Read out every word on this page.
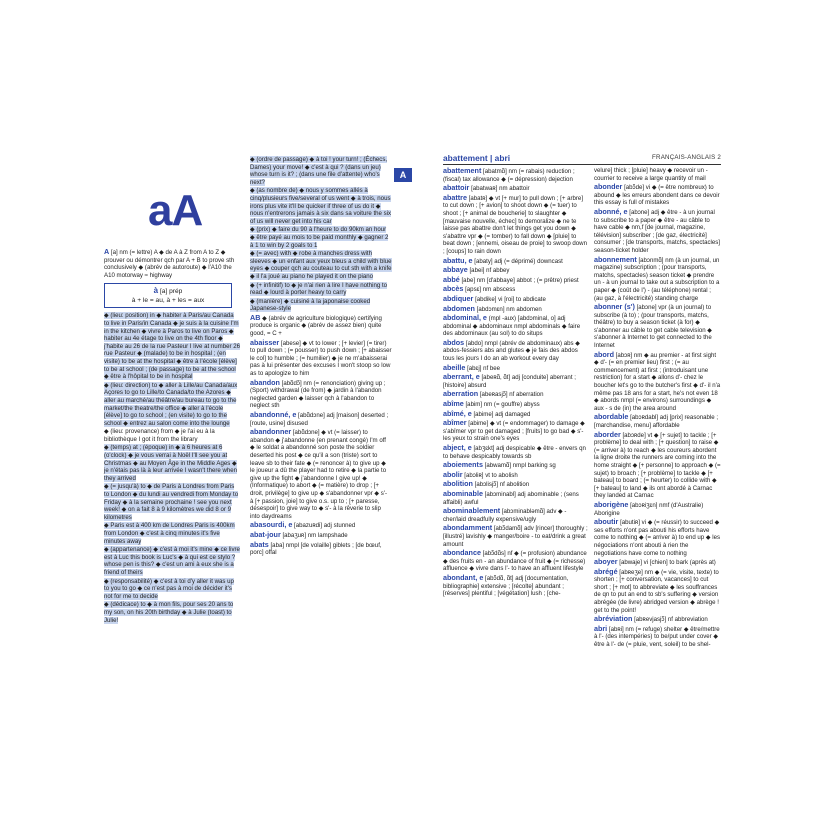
aA
A [a] nm (= lettre) A ◆ de A à Z from A to Z ◆ prouver ou démontrer qch par A + B to prove sth conclusively ◆ (abrév de autoroute) ◆ l'A10 the A10 motorway ≈ highway
à [a] prép
à + le = au, à + les = aux
◆ (lieu: position) in ◆ habiter à Paris/au Canada to live in Paris/in Canada ◆ je suis à la cuisine I'm in the kitchen ◆ vivre à Paros to live on Paros ◆ habiter au 4e étage to live on the 4th floor ◆ j'habite au 26 de la rue Pasteur I live at number 26 rue Pasteur ◆ (malade) to be in hospital ; (en visite) to be at the hospital ◆ être à l'école [élève] to be at school ; (de passage) to be at the school ◆ être à l'hôpital to be in hospital
◆ (lieu: direction) to ◆ aller à Lille/au Canada/aux Açores to go to Lille/to Canada/to the Azores ◆ aller au marché/au théâtre/au bureau to go to the market/the theatre/the office ◆ aller à l'école [élève] to go to school ; (en visite) to go to the school ◆ entrez au salon come into the lounge
◆ (lieu: provenance) from ◆ je l'ai eu à la bibliothèque I got it from the library
◆ (temps) at ; (époque) in ◆ à 6 heures at 6 (o'clock) ◆ je vous verrai à Noël I'll see you at Christmas ◆ au Moyen Âge in the Middle Ages ◆ je n'étais pas là à leur arrivée I wasn't there when they arrived
◆ (= jusqu'à) to ◆ de Paris à Londres from Paris to London ◆ du lundi au vendredi from Monday to Friday ◆ à la semaine prochaine ! see you next week! ◆ on a fait 8 à 9 kilomètres we did 8 or 9 kilometres
◆ Paris est à 400 km de Londres Paris is 400km from London ◆ c'est à cinq minutes it's five minutes away
◆ (appartenance) ◆ c'est à moi it's mine ◆ ce livre est à Luc this book is Luc's ◆ à qui est ce stylo ? whose pen is this? ◆ c'est un ami à eux she is a friend of theirs
◆ (responsabilité) ◆ c'est à toi d'y aller it was up to you to go ◆ ce n'est pas à moi de décider it's not for me to decide
◆ (dédicace) to ◆ à mon fils, pour ses 20 ans to my son, on his 20th birthday ◆ à Julie (toast) to Julie!
◆ (ordre de passage) ◆ à toi ! your turn! ; (Échecs, Dames) your move! ◆ c'est à qui ? (dans un jeu) whose turn is it? ; (dans une file d'attente) who's next?
◆ (as nombre de) ◆ nous y sommes allés à cinq/plusieurs five/several of us went ◆ à trois, nous irons plus vite it'll be quicker if three of us do it ◆ nous n'entrerons jamais à six dans sa voiture the six of us will never get into his car
◆ (prix) ◆ faire du 90 à l'heure to do 90km an hour ◆ être payé au mois to be paid monthly ◆ gagner 2 à 1 to win by 2 goals to 1
◆ (= avec) with ◆ robe à manches dress with sleeves ◆ un enfant aux yeux bleus a child with blue eyes ◆ couper qch au couteau to cut sth with a knife ◆ il l'a joué au piano he played it on the piano
◆ (+ infinitif) to ◆ je n'ai rien à lire I have nothing to read ◆ lourd à porter heavy to carry
◆ (manière) ◆ cuisiné à la japonaise cooked Japanese-style
AB ◆ (abrév de agriculture biologique) certifying produce is organic ◆ (abrév de assez bien) quite good, = C +
abaisser [abese] ◆ vt to lower ; [+ levier] (= tirer) to pull down ; (= pousser) to push down ; [+ abaisser le col] to humble ; (= humilier) ◆ je ne m'abaisserai pas à lui présenter des excuses I won't stoop so low as to apologize to him
abandon [abɑ̃dɔ̃] nm (= renonciation) giving up ; (Sport) withdrawal (de from) ◆ jardin à l'abandon neglected garden ◆ laisser qch à l'abandon to neglect sth
abandonné, e [abɑ̃dɔne] adj [maison] deserted ; [route, usine] disused
abandonner [abɑ̃dɔne] ◆ vt (= laisser) to abandon ◆ j'abandonne (en prenant congé) I'm off ◆ le soldat a abandonné son poste the soldier deserted his post ◆ ce qu'il a son (triste) sort to leave sb to their fate ◆ (= renoncer à) to give up ◆ le joueur a dû the player had to retire ◆ la partie to give up the fight ◆ j'abandonne I give up! ◆ (Informatique) to abort ◆ (= matière) to drop ; [+ droit, privilège] to give up ◆ s'abandonner vpr ◆ s'- à [+ passion, joie] to give o.s. up to ; [+ paresse, désespoir] to give way to ◆ s'- à la rêverie to slip into daydreams
abasourdi, e [abazuʀdi] adj stunned
abat-jour [abaʒuʀ] nm lampshade
abats [aba] nmpl [de volaille] giblets ; [de bœuf, porc] offal
A
abattement | abri	FRANÇAIS-ANGLAIS 2
abattement [abatmɑ̃] nm (= rabais) reduction ; (fiscal) tax allowance ◆ (= dépression) dejection
abattoir [abatwaʀ] nm abattoir
abattre [abatʀ] ◆ vt [+ mur] to pull down ; [+ arbre] to cut down ; [+ avion] to shoot down ◆ (= tuer) to shoot ; [+ animal de boucherie] to slaughter ◆ [mauvaise nouvelle, échec] to demoralize ◆ ne te laisse pas abattre don't let things get you down ◆ s'abattre vpr ◆ (= tomber) to fall down ◆ [pluie] to beat down ; [ennemi, oiseau de proie] to swoop down ; [coups] to rain down
abattu, e [abaty] adj (= déprimé) downcast
abbaye [abei] nf abbey
abbé [abe] nm [d'abbaye] abbot ; (= prêtre) priest
abcès [apsɛ] nm abscess
abdiquer [abdike] vi [roi] to abdicate
abdomen [abdɔmɛn] nm abdomen
abdominal, e (mpl -aux) [abdɔminal, o] adj abdominal ◆ abdominaux nmpl abdominals ◆ faire des abdominaux (au sol) to do situps
abdos [abdo] nmpl (abrév de abdominaux) abs ◆ abdos-fessiers abs and glutes ◆ je fais des abdos tous les jours I do an ab workout every day
abeille [abɛj] nf bee
aberrant, e [abeʀɑ̃, ɑ̃t] adj [conduite] aberrant ; [histoire] absurd
aberration [abeʀasjɔ̃] nf aberration
abîme [abim] nm (= gouffre) abyss
abîmé, e [abime] adj damaged
abîmer [abime] ◆ vt (= endommager) to damage ◆ s'abîmer vpr to get damaged ; [fruits] to go bad ◆ s'- les yeux to strain one's eyes
abject, e [abʒɛkt] adj despicable ◆ être - envers qn to behave despicably towards sb
aboiements [abwamɑ̃] nmpl barking sg
abolir [abɔliʀ] vt to abolish
abolition [abɔlisjɔ̃] nf abolition
abominable [abɔminabl] adj abominable ; (sens affaibli) awful
abominablement [abɔminabləmɑ̃] adv ◆ - cher/laid dreadfully expensive/ugly
abondamment [abɔ̃damɑ̃] adv [rincer] thoroughly ; [illustré] lavishly ◆ manger/boire - to eat/drink a great amount
abondance [abɔ̃dɑ̃s] nf ◆ (= profusion) abundance ◆ des fruits en - an abundance of fruit ◆ (= richesse) affluence ◆ vivre dans l'- to have an affluent lifestyle
abondant, e [abɔ̃dɑ̃, ɑ̃t] adj [documentation, bibliographie] extensive ; [récolte] abundant ; [réserves] plentiful ; [végétation] lush ; [che-
velure] thick ; [pluie] heavy ◆ recevoir un - courrier to receive a large quantity of mail
abonder [abɔ̃de] vi ◆ (= être nombreux) to abound ◆ les erreurs abondent dans ce devoir this essay is full of mistakes
abonné, e [abɔne] adj ◆ être - à un journal to subscribe to a paper ◆ être - au câble to have cable ◆ nm,f [de journal, magazine, télévision] subscriber ; [de gaz, électricité] consumer ; [de transports, matchs, spectacles] season-ticket holder
abonnement [abɔnmɑ̃] nm (à un journal, un magazine) subscription ; (pour transports, matchs, spectacles) season ticket ◆ prendre un - à un journal to take out a subscription to a paper ◆ (coût de l') - (au téléphone) rental ; (au gaz, à l'électricité) standing charge
abonner (s') [abɔne] vpr (à un journal) to subscribe (à to) ; (pour transports, matchs, théâtre) to buy a season ticket (à for) ◆ s'abonner au câble to get cable television ◆ s'abonner à Internet to get connected to the Internet
abord [abɔʀ] nm ◆ au premier - at first sight ◆ d'- (= en premier lieu) first ; (= au commencement) at first ; (introduisant une restriction) for a start ◆ allons d'- chez le boucher let's go to the butcher's first ◆ d'- il n'a même pas 18 ans for a start, he's not even 18 ◆ abords nmpl (= environs) surroundings ◆ aux - s de (in) the area around
abordable [abɔʀdabl] adj [prix] reasonable ; [marchandise, menu] affordable
aborder [abɔʀde] vt ◆ [+ sujet] to tackle ; [+ problème] to deal with ; [+ question] to raise ◆ (= arriver à) to reach ◆ les coureurs abordent la ligne droite the runners are coming into the home straight ◆ [+ personne] to approach ◆ (= sujet) to broach ; [+ problème] to tackle ◆ [+ bateau] to board ; (= heurter) to collide with ◆ [+ bateau] to land ◆ ils ont abordé à Carnac they landed at Carnac
aborigène [abɔʀiʒɛn] nmf (d'Australie) Aborigine
aboutir [abutiʀ] vi ◆ (= réussir) to succeed ◆ ses efforts n'ont pas abouti his efforts have come to nothing ◆ (= arriver à) to end up ◆ les négociations n'ont abouti à rien the negotiations have come to nothing
aboyer [abwaje] vi [chien] to bark (après at)
abrégé [abʀeʒe] nm ◆ (= vie, visite, texte) to shorten ; [+ conversation, vacances] to cut short ; [+ mot] to abbreviate ◆ les souffrances de qn to put an end to sb's suffering ◆ version abrégée (de livre) abridged version ◆ abrège ! get to the point!
abréviation [abʀevjasjɔ̃] nf abbreviation
abri [abʀi] nm (= refuge) shelter ◆ être/mettre à l'- (des intempéries) to be/put under cover ◆ être à l'- de (= pluie, vent, soleil) to be shel-
